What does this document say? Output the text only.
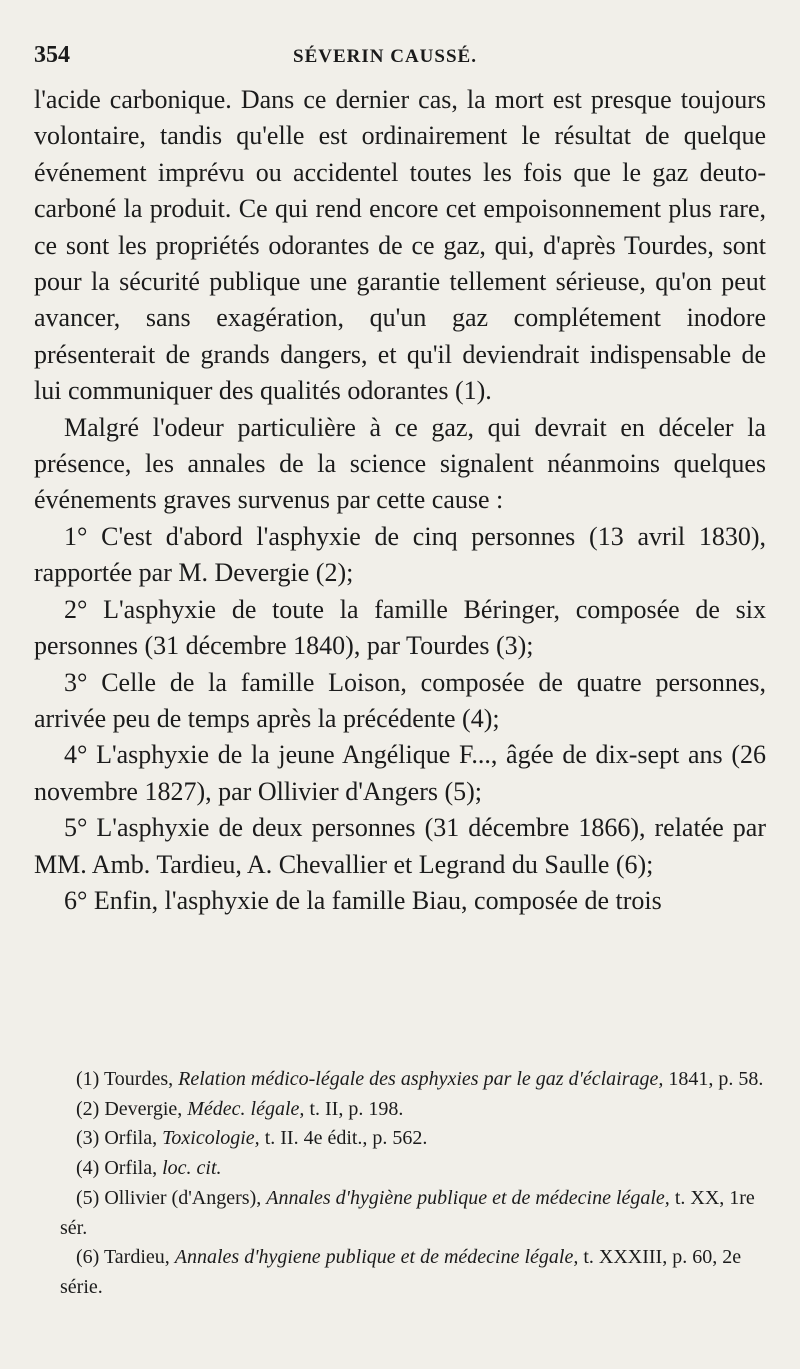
354	SÉVERIN CAUSSÉ.

l'acide carbonique. Dans ce dernier cas, la mort est presque toujours volontaire, tandis qu'elle est ordinairement le résultat de quelque événement imprévu ou accidentel toutes les fois que le gaz deuto-carboné la produit. Ce qui rend encore cet empoisonnement plus rare, ce sont les propriétés odorantes de ce gaz, qui, d'après Tourdes, sont pour la sécurité publique une garantie tellement sérieuse, qu'on peut avancer, sans exagération, qu'un gaz complétement inodore présenterait de grands dangers, et qu'il deviendrait indispensable de lui communiquer des qualités odorantes (1).

Malgré l'odeur particulière à ce gaz, qui devrait en déceler la présence, les annales de la science signalent néanmoins quelques événements graves survenus par cette cause :

1° C'est d'abord l'asphyxie de cinq personnes (13 avril 1830), rapportée par M. Devergie (2);

2° L'asphyxie de toute la famille Béringer, composée de six personnes (31 décembre 1840), par Tourdes (3);

3° Celle de la famille Loison, composée de quatre personnes, arrivée peu de temps après la précédente (4);

4° L'asphyxie de la jeune Angélique F..., âgée de dix-sept ans (26 novembre 1827), par Ollivier d'Angers (5);

5° L'asphyxie de deux personnes (31 décembre 1866), relatée par MM. Amb. Tardieu, A. Chevallier et Legrand du Saulle (6);

6° Enfin, l'asphyxie de la famille Biau, composée de trois

(1) Tourdes, Relation médico-légale des asphyxies par le gaz d'éclairage, 1841, p. 58.

(2) Devergie, Médec. légale, t. II, p. 198.

(3) Orfila, Toxicologie, t. II. 4e édit., p. 562.

(4) Orfila, loc. cit.

(5) Ollivier (d'Angers), Annales d'hygiène publique et de médecine légale, t. XX, 1re sér.

(6) Tardieu, Annales d'hygiene publique et de médecine légale, t. XXXIII, p. 60, 2e série.
